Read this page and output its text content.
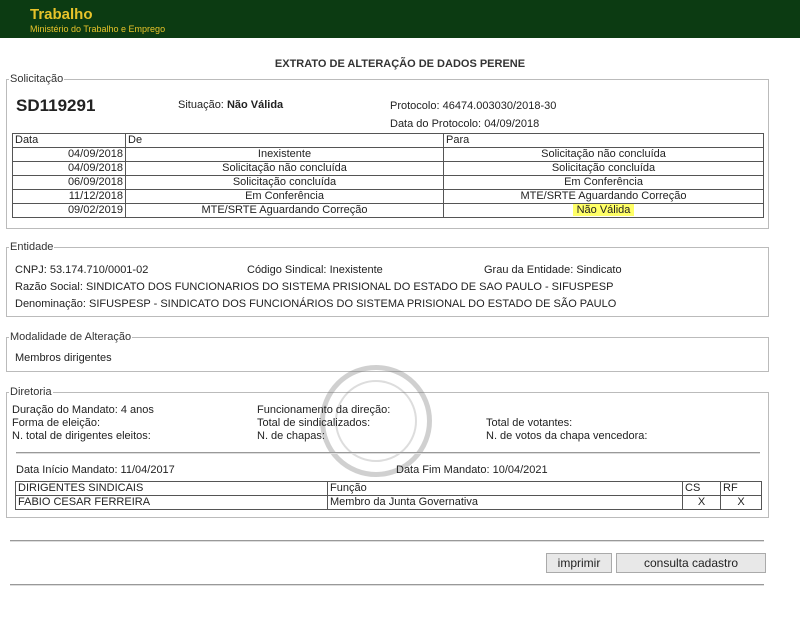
Trabalho
Ministério do Trabalho e Emprego
EXTRATO DE ALTERAÇÃO DE DADOS PERENE
Solicitação
SD119291	Situação: Não Válida	Protocolo: 46474.003030/2018-30
Data do Protocolo: 04/09/2018
Data	De	Para
04/09/2018	Inexistente	Solicitação não concluída
04/09/2018	Solicitação não concluída	Solicitação concluída
06/09/2018	Solicitação concluída	Em Conferência
11/12/2018	Em Conferência	MTE/SRTE Aguardando Correção
09/02/2019	MTE/SRTE Aguardando Correção	Não Válida
Entidade
CNPJ: 53.174.710/0001-02	Código Sindical: Inexistente	Grau da Entidade: Sindicato
Razão Social: SINDICATO DOS FUNCIONARIOS DO SISTEMA PRISIONAL DO ESTADO DE SAO PAULO - SIFUSPESP
Denominação: SIFUSPESP - SINDICATO DOS FUNCIONÁRIOS DO SISTEMA PRISIONAL DO ESTADO DE SÃO PAULO
Modalidade de Alteração
Membros dirigentes
Diretoria
Duração do Mandato: 4 anos
Forma de eleição:
N. total de dirigentes eleitos:
Funcionamento da direção:
Total de sindicalizados:
N. de chapas:
Total de votantes:
N. de votos da chapa vencedora:
Data Início Mandato: 11/04/2017	Data Fim Mandato: 10/04/2021
DIRIGENTES SINDICAIS	Função	CS	RF
FABIO CESAR FERREIRA	Membro da Junta Governativa	X	X
imprimir	consulta cadastro
